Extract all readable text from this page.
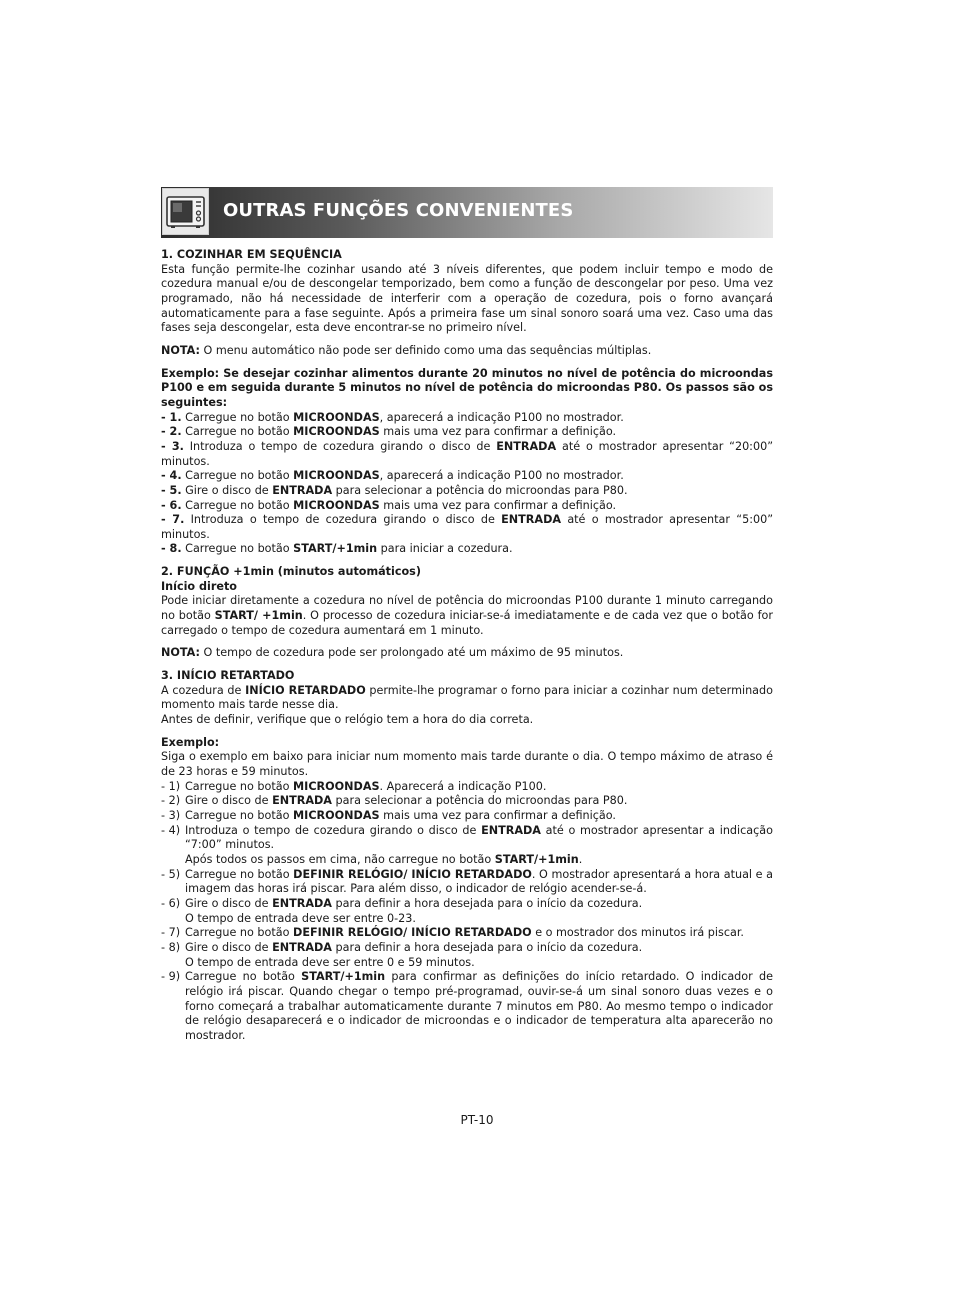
OUTRAS FUNÇÕES CONVENIENTES

1. COZINHAR EM SEQUÊNCIA

Esta função permite-lhe cozinhar usando até 3 níveis diferentes, que podem incluir tempo e modo de cozedura manual e/ou de descongelar temporizado, bem como a função de descongelar por peso. Uma vez programado, não há necessidade de interferir com a operação de cozedura, pois o forno avançará automaticamente para a fase seguinte. Após a primeira fase um sinal sonoro soará uma vez. Caso uma das fases seja descongelar, esta deve encontrar-se no primeiro nível.

NOTA: O menu automático não pode ser definido como uma das sequências múltiplas.

Exemplo: Se desejar cozinhar alimentos durante 20 minutos no nível de potência do microondas P100 e em seguida durante 5 minutos no nível de potência do microondas P80. Os passos são os seguintes:

- 1. Carregue no botão MICROONDAS, aparecerá a indicação P100 no mostrador.

- 2. Carregue no botão MICROONDAS mais uma vez para confirmar a definição.

- 3. Introduza o tempo de cozedura girando o disco de ENTRADA até o mostrador apresentar “20:00” minutos.

- 4. Carregue no botão MICROONDAS, aparecerá a indicação P100 no mostrador.

- 5. Gire o disco de ENTRADA para selecionar a potência do microondas para P80.

- 6. Carregue no botão MICROONDAS mais uma vez para confirmar a definição.

- 7. Introduza o tempo de cozedura girando o disco de ENTRADA até o mostrador apresentar “5:00” minutos.

- 8. Carregue no botão START/+1min para iniciar a cozedura.

2. FUNÇÃO +1min (minutos automáticos)

Início direto

Pode iniciar diretamente a cozedura no nível de potência do microondas P100 durante 1 minuto carregando no botão START/ +1min. O processo de cozedura iniciar-se-á imediatamente e de cada vez que o botão for carregado o tempo de cozedura aumentará em 1 minuto.

NOTA: O tempo de cozedura pode ser prolongado até um máximo de 95 minutos.

3. INÍCIO RETARTADO

A cozedura de INÍCIO RETARDADO permite-lhe programar o forno para iniciar a cozinhar num determinado momento mais tarde nesse dia.

Antes de definir, verifique que o relógio tem a hora do dia correta.

Exemplo:

Siga o exemplo em baixo para iniciar num momento mais tarde durante o dia. O tempo máximo de atraso é de 23 horas e 59 minutos.

- 1) Carregue no botão MICROONDAS. Aparecerá a indicação P100.
- 2) Gire o disco de ENTRADA para selecionar a potência do microondas para P80.
- 3) Carregue no botão MICROONDAS mais uma vez para confirmar a definição.
- 4) Introduza o tempo de cozedura girando o disco de ENTRADA até o mostrador apresentar a indicação “7:00” minutos.
Após todos os passos em cima, não carregue no botão START/+1min.
- 5) Carregue no botão DEFINIR RELÓGIO/ INÍCIO RETARDADO. O mostrador apresentará a hora atual e a imagem das horas irá piscar. Para além disso, o indicador de relógio acender-se-á.
- 6) Gire o disco de ENTRADA para definir a hora desejada para o início da cozedura.
O tempo de entrada deve ser entre 0-23.
- 7) Carregue no botão DEFINIR RELÓGIO/ INÍCIO RETARDADO e o mostrador dos minutos irá piscar.
- 8) Gire o disco de ENTRADA para definir a hora desejada para o início da cozedura.
O tempo de entrada deve ser entre 0 e 59 minutos.
- 9) Carregue no botão START/+1min para confirmar as definições do início retardado. O indicador de relógio irá piscar. Quando chegar o tempo pré-programad, ouvir-se-á um sinal sonoro duas vezes e o forno começará a trabalhar automaticamente durante 7 minutos em P80. Ao mesmo tempo o indicador de relógio desaparecerá e o indicador de microondas e o indicador de temperatura alta aparecerão no mostrador.
PT-10
